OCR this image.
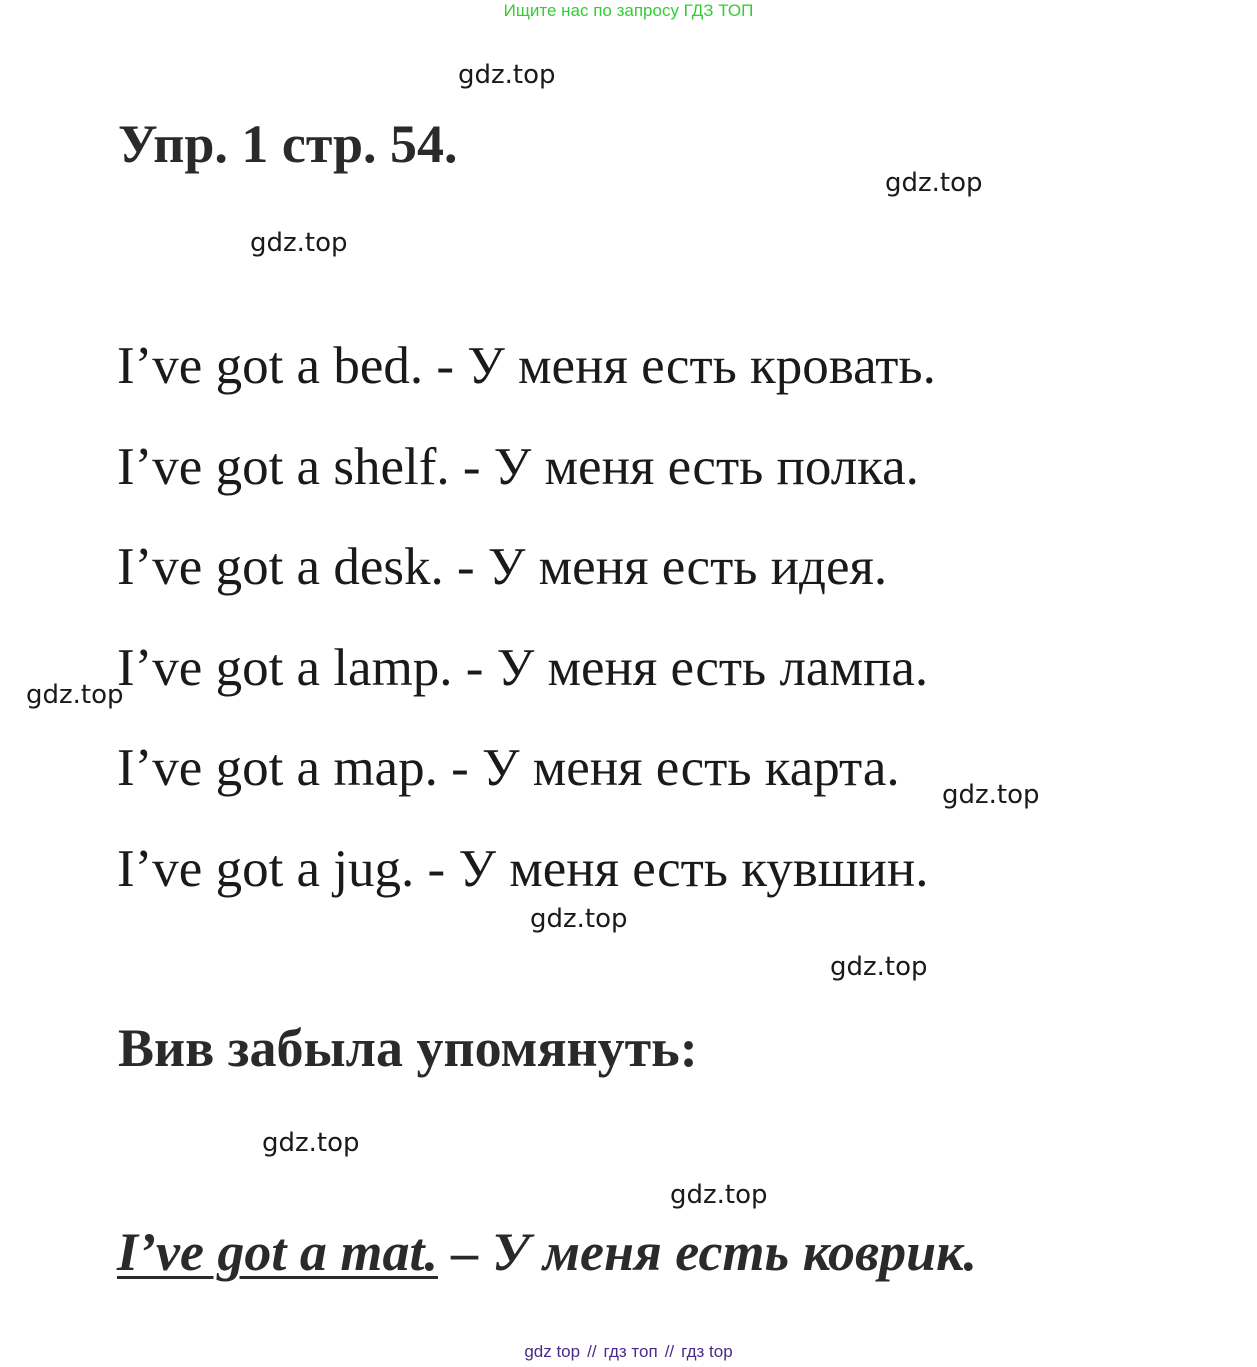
Ищите нас по запросу ГДЗ ТОП
gdz.top
gdz.top
gdz.top
gdz.top
gdz.top
gdz.top
gdz.top
gdz.top
gdz.top
Упр. 1 стр. 54.
I’ve got a bed. - У меня есть кровать.
I’ve got a shelf. - У меня есть полка.
I’ve got a desk. - У меня есть идея.
I’ve got a lamp. - У меня есть лампа.
I’ve got a map. - У меня есть карта.
I’ve got a jug. - У меня есть кувшин.
Вив забыла упомянуть:
I’ve got a mat. – У меня есть коврик.
gdz top // гдз топ // гдз top
